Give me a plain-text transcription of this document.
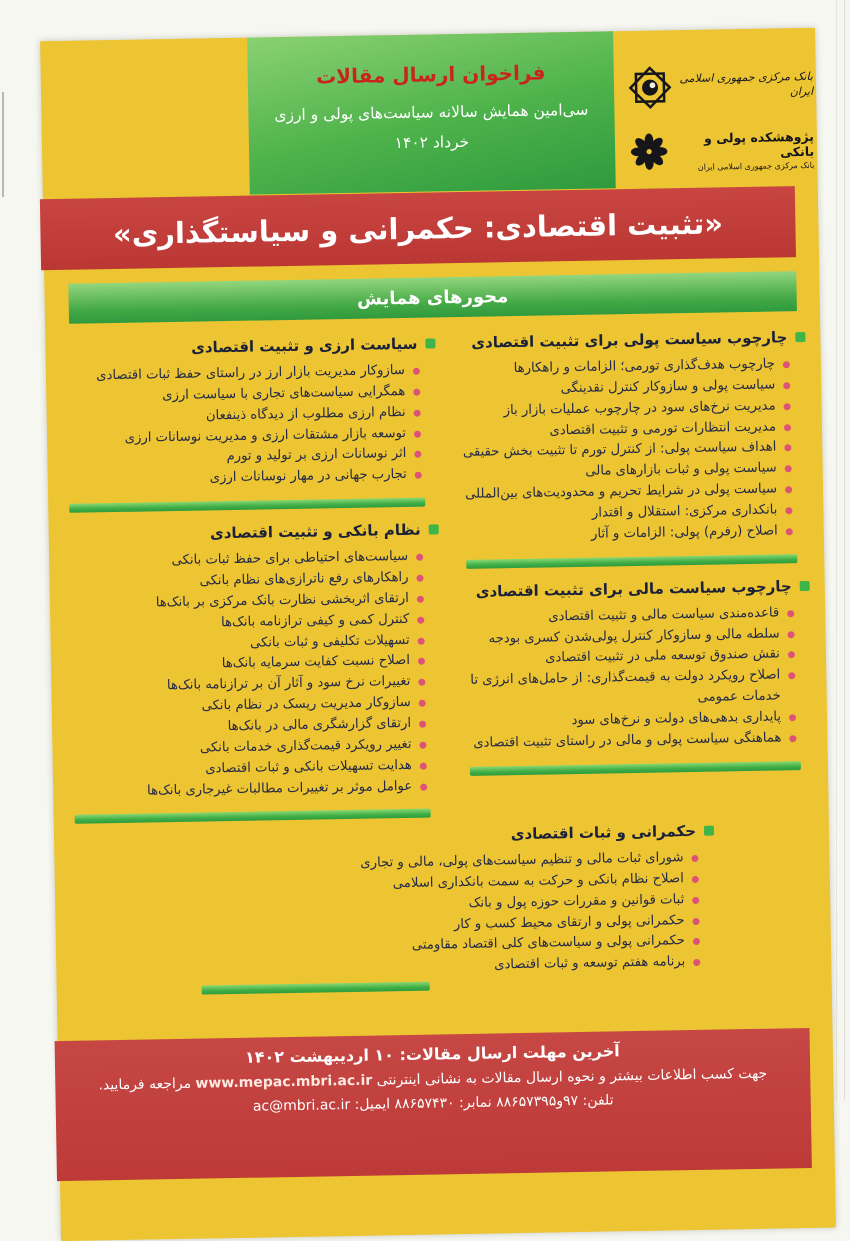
فراخوان ارسال مقالات
سی‌امین همایش سالانه سیاست‌های پولی و ارزی
خرداد ۱۴۰۲
بانک مرکزی جمهوری اسلامی ایران
پژوهشکده پولی و بانکی
بانک مرکزی جمهوری اسلامی ایران
«تثبیت اقتصادی: حکمرانی و سیاستگذاری»
محورهای همایش
چارچوب سیاست پولی برای تثبیت اقتصادی
چارچوب هدف‌گذاری تورمی؛ الزامات و راهکارها
سیاست پولی و سازوکار کنترل نقدینگی
مدیریت نرخ‌های سود در چارچوب عملیات بازار باز
مدیریت انتظارات تورمی و تثبیت اقتصادی
اهداف سیاست پولی: از کنترل تورم تا تثبیت بخش حقیقی
سیاست پولی و ثبات بازارهای مالی
سیاست پولی در شرایط تحریم و محدودیت‌های بین‌المللی
بانکداری مرکزی: استقلال و اقتدار
اصلاح (رفرم) پولی: الزامات و آثار
چارچوب سیاست مالی برای تثبیت اقتصادی
قاعده‌مندی سیاست مالی و تثبیت اقتصادی
سلطه مالی و سازوکار کنترل پولی‌شدن کسری بودجه
نقش صندوق توسعه ملی در تثبیت اقتصادی
اصلاح رویکرد دولت به قیمت‌گذاری: از حامل‌های انرژی تا خدمات عمومی
پایداری بدهی‌های دولت و نرخ‌های سود
هماهنگی سیاست پولی و مالی در راستای تثبیت اقتصادی
سیاست ارزی و تثبیت اقتصادی
سازوکار مدیریت بازار ارز در راستای حفظ ثبات اقتصادی
همگرایی سیاست‌های تجاری با سیاست ارزی
نظام ارزی مطلوب از دیدگاه ذینفعان
توسعه بازار مشتقات ارزی و مدیریت نوسانات ارزی
اثر نوسانات ارزی بر تولید و تورم
تجارب جهانی در مهار نوسانات ارزی
نظام بانکی و تثبیت اقتصادی
سیاست‌های احتیاطی برای حفظ ثبات بانکی
راهکارهای رفع ناترازی‌های نظام بانکی
ارتقای اثربخشی نظارت بانک مرکزی بر بانک‌ها
کنترل کمی و کیفی ترازنامه بانک‌ها
تسهیلات تکلیفی و ثبات بانکی
اصلاح نسبت کفایت سرمایه بانک‌ها
تغییرات نرخ سود و آثار آن بر ترازنامه بانک‌ها
سازوکار مدیریت ریسک در نظام بانکی
ارتقای گزارشگری مالی در بانک‌ها
تغییر رویکرد قیمت‌گذاری خدمات بانکی
هدایت تسهیلات بانکی و ثبات اقتصادی
عوامل موثر بر تغییرات مطالبات غیرجاری بانک‌ها
حکمرانی و ثبات اقتصادی
شورای ثبات مالی و تنظیم سیاست‌های پولی، مالی و تجاری
اصلاح نظام بانکی و حرکت به سمت بانکداری اسلامی
ثبات قوانین و مقررات حوزه پول و بانک
حکمرانی پولی و ارتقای محیط کسب و کار
حکمرانی پولی و سیاست‌های کلی اقتصاد مقاومتی
برنامه هفتم توسعه و ثبات اقتصادی
آخرین مهلت ارسال مقالات: ۱۰ اردیبهشت ۱۴۰۲
جهت کسب اطلاعات بیشتر و نحوه ارسال مقالات به نشانی اینترنتی www.mepac.mbri.ac.ir مراجعه فرمایید.
تلفن: ۹۷و۸۸۶۵۷۳۹۵ نمابر: ۸۸۶۵۷۴۳۰ ایمیل: ac@mbri.ac.ir
